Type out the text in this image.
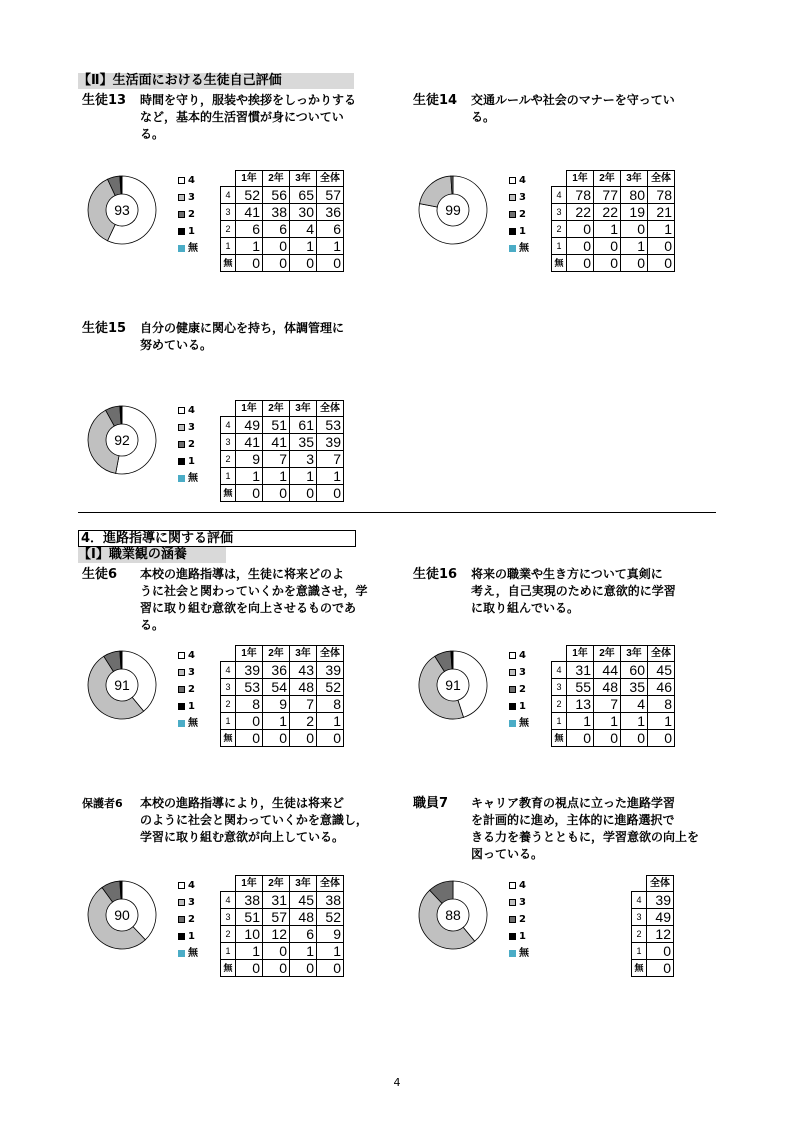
【Ⅱ】生活面における生徒自己評価
生徒13 時間を守り，服装や挨拶をしっかりする
など，基本的生活習慣が身についてい
る。
生徒14 交通ルールや社会のマナーを守ってい
る。
生徒15 自分の健康に関心を持ち，体調管理に
努めている。
4．進路指導に関する評価
【Ⅰ】職業観の涵養
生徒6 本校の進路指導は，生徒に将来どのよ
うに社会と関わっていくかを意識させ，学
習に取り組む意欲を向上させるものであ
る。
生徒16 将来の職業や生き方について真剣に
考え，自己実現のために意欲的に学習
に取り組んでいる。
保護者6 本校の進路指導により，生徒は将来ど
のように社会と関わっていくかを意識し，
学習に取り組む意欲が向上している。
職員7 キャリア教育の視点に立った進路学習
を計画的に進め，主体的に進路選択で
きる力を養うとともに，学習意欲の向上を
図っている。
93
4
3
2
1
無
	1年	2年	3年	全体
4	52	56	65	57
3	41	38	30	36
2	6	6	4	6
1	1	0	1	1
無	0	0	0	0
99
4
3
2
1
無
	1年	2年	3年	全体
4	78	77	80	78
3	22	22	19	21
2	0	1	0	1
1	0	0	1	0
無	0	0	0	0
92
4
3
2
1
無
	1年	2年	3年	全体
4	49	51	61	53
3	41	41	35	39
2	9	7	3	7
1	1	1	1	1
無	0	0	0	0
91
4
3
2
1
無
	1年	2年	3年	全体
4	39	36	43	39
3	53	54	48	52
2	8	9	7	8
1	0	1	2	1
無	0	0	0	0
91
4
3
2
1
無
	1年	2年	3年	全体
4	31	44	60	45
3	55	48	35	46
2	13	7	4	8
1	1	1	1	1
無	0	0	0	0
90
4
3
2
1
無
	1年	2年	3年	全体
4	38	31	45	38
3	51	57	48	52
2	10	12	6	9
1	1	0	1	1
無	0	0	0	0
88
4
3
2
1
無
	全体
4	39
3	49
2	12
1	0
無	0
4
